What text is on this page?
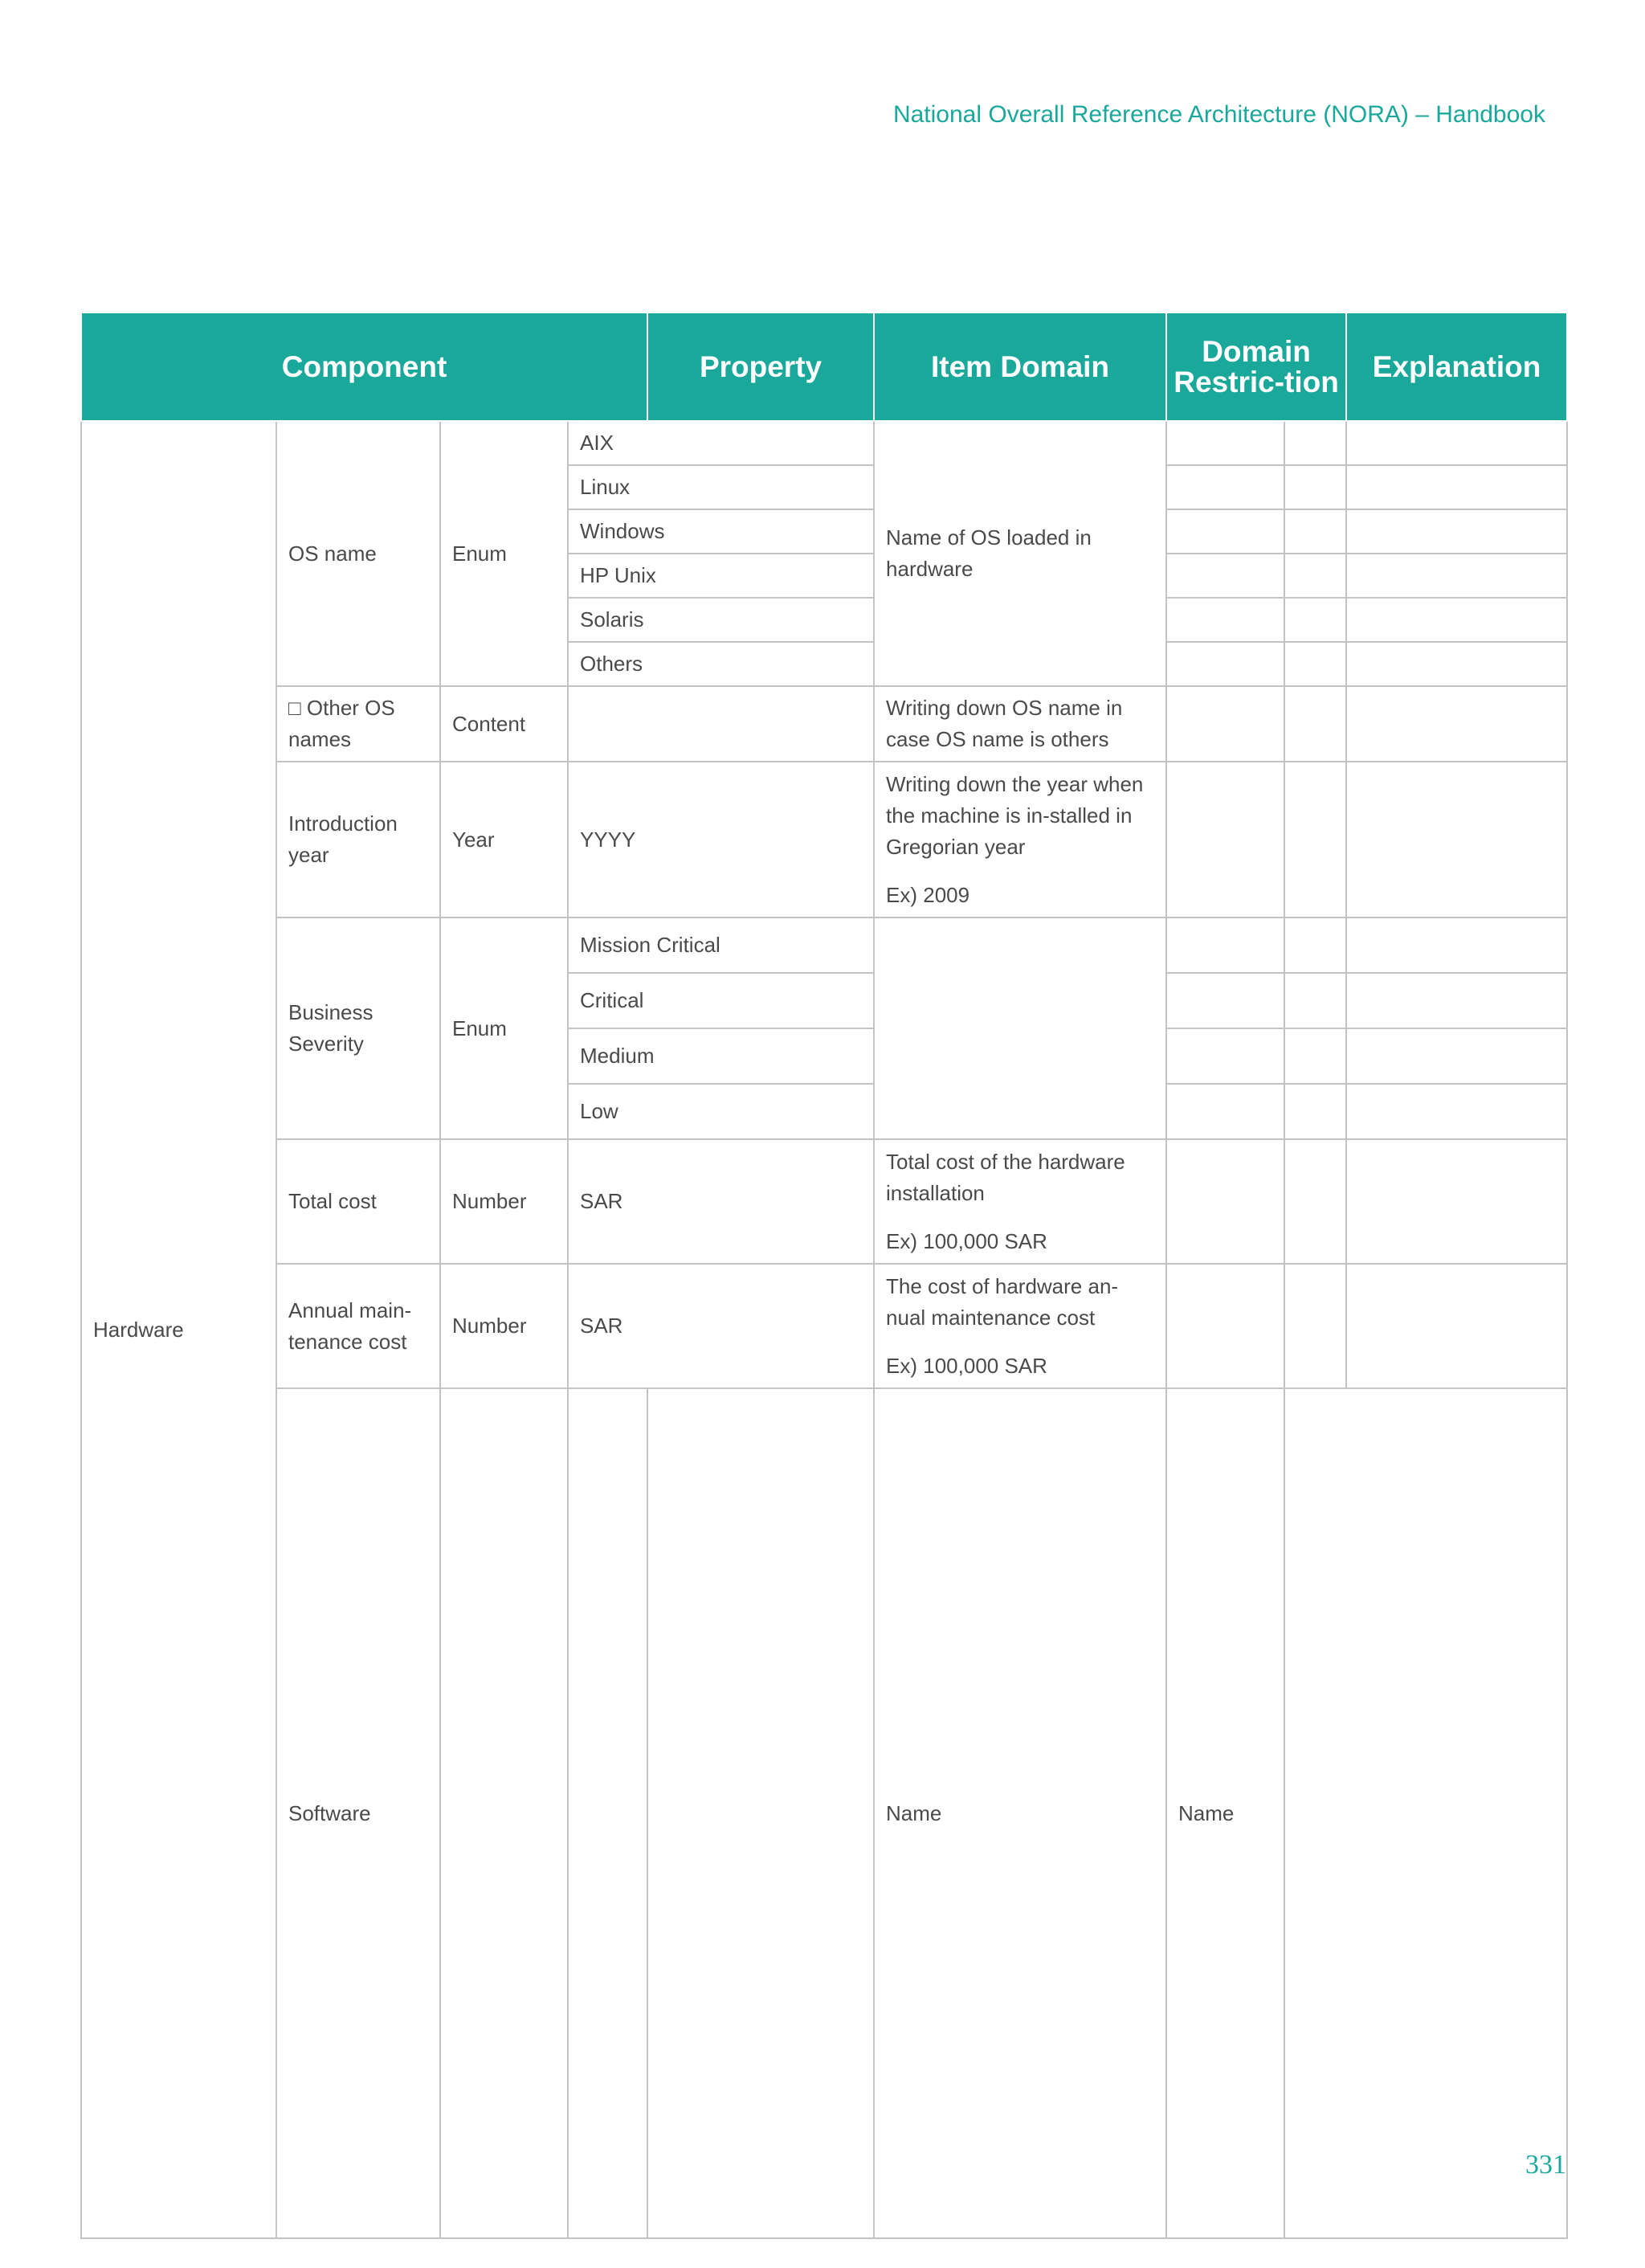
National Overall Reference Architecture (NORA) – Handbook
Component				Property	Item Domain	Domain Restric-tion		Explanation	
Hardware	OS name	Enum	AIX		Name of OS loaded in hardware				
			Linux						
			Windows						
			HP Unix						
			Solaris						
			Others						
	□ Other OS names	Content			Writing down OS name in case OS name is others				
	Introduction year	Year	YYYY		Writing down the year when the machine is in-stalled in Gregorian year
Ex) 2009				

	Business Severity	Enum	Mission Critical						
			Critical						
			Medium						
			Low						
	Total cost	Number	SAR		Total cost of the hardware installation
Ex) 100,000 SAR				

	Annual main-tenance cost	Number	SAR		The cost of hardware an-nual maintenance cost
Ex) 100,000 SAR				

	Software				Name	Name		
331
